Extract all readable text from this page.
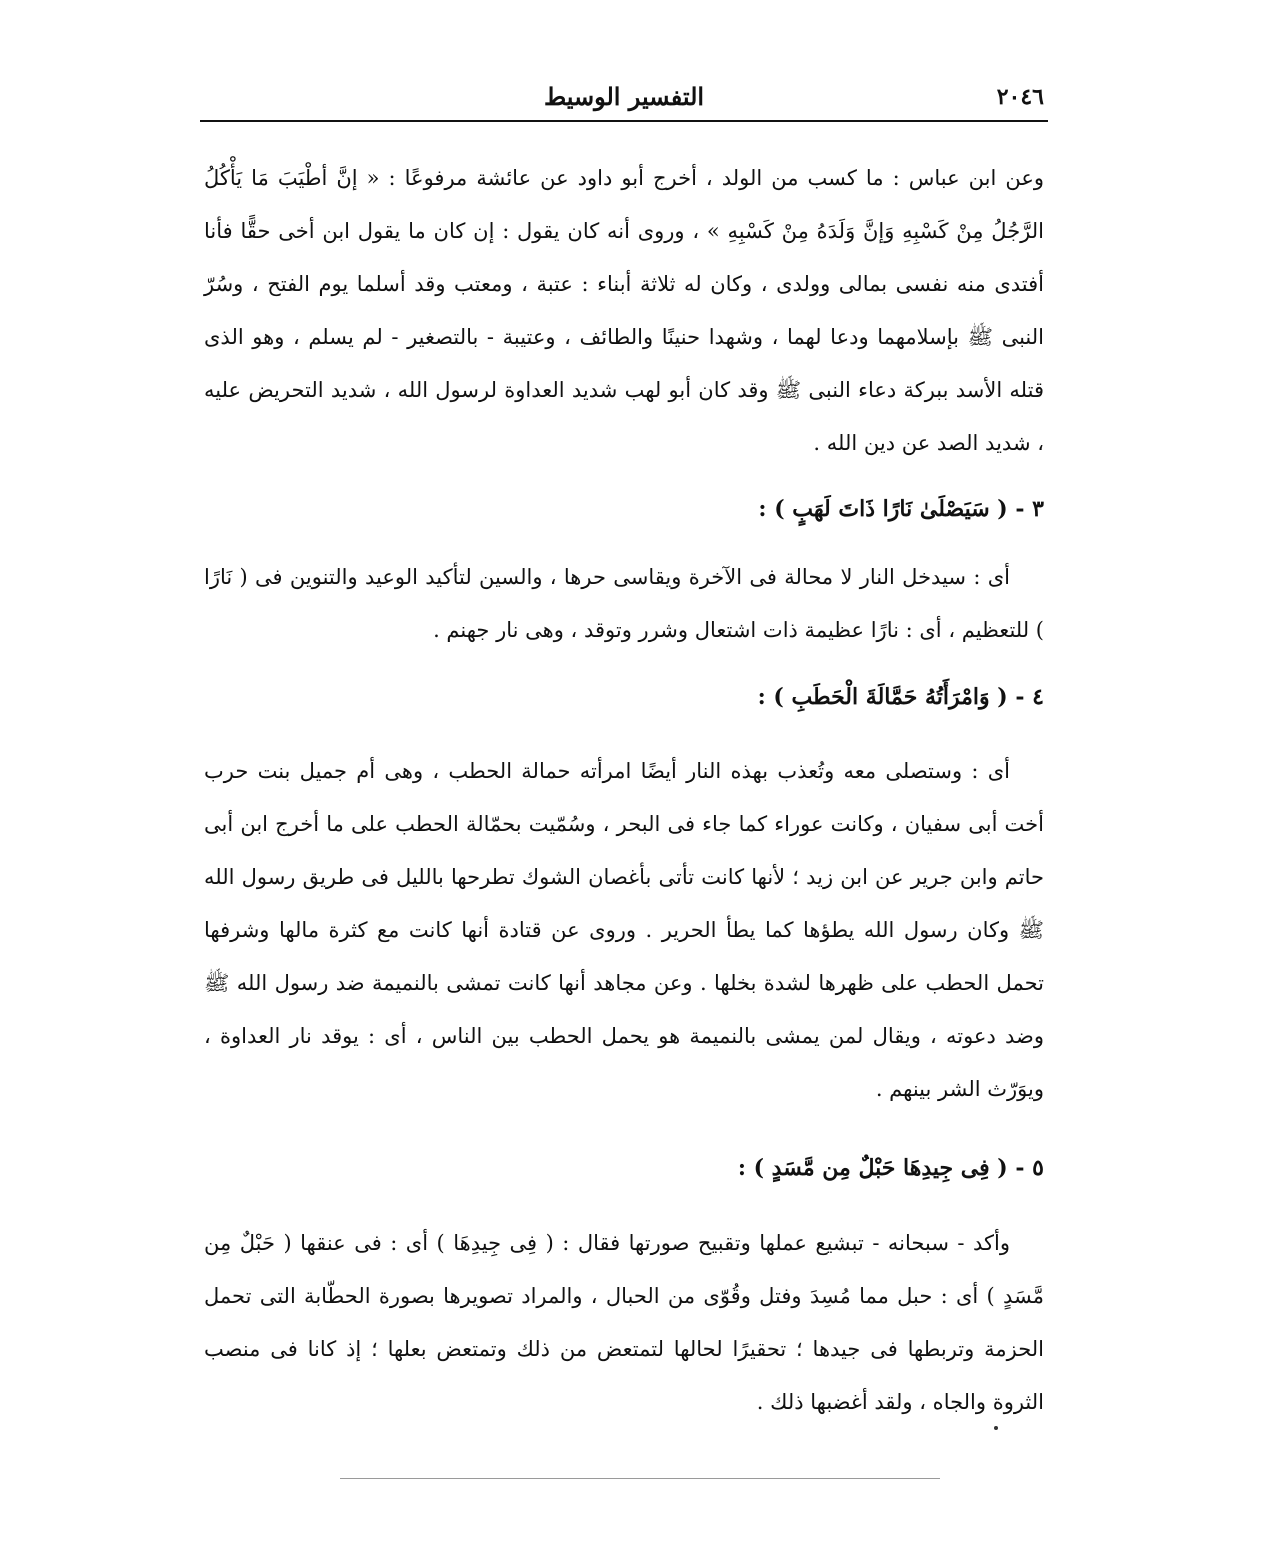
٢٠٤٦
التفسير الوسيط

وعن ابن عباس : ما كسب من الولد ، أخرج أبو داود عن عائشة مرفوعًا : « إنَّ أطْيَبَ مَا يَأْكُلُ الرَّجُلُ مِنْ كَسْبِهِ وَإنَّ وَلَدَهُ مِنْ كَسْبِهِ » ، وروى أنه كان يقول : إن كان ما يقول ابن أخى حقًّا فأنا أفتدى منه نفسى بمالى وولدى ، وكان له ثلاثة أبناء : عتبة ، ومعتب وقد أسلما يوم الفتح ، وسُرّ النبى ﷺ بإسلامهما ودعا لهما ، وشهدا حنينًا والطائف ، وعتيبة - بالتصغير - لم يسلم ، وهو الذى قتله الأسد ببركة دعاء النبى ﷺ وقد كان أبو لهب شديد العداوة لرسول الله ، شديد التحريض عليه ، شديد الصد عن دين الله .

٣ - ( سَيَصْلَىٰ نَارًا ذَاتَ لَهَبٍ ) :

أى : سيدخل النار لا محالة فى الآخرة ويقاسى حرها ، والسين لتأكيد الوعيد والتنوين فى ( نَارًا ) للتعظيم ، أى : نارًا عظيمة ذات اشتعال وشرر وتوقد ، وهى نار جهنم .

٤ - ( وَامْرَأَتُهُ حَمَّالَةَ الْحَطَبِ ) :

أى : وستصلى معه وتُعذب بهذه النار أيضًا امرأته حمالة الحطب ، وهى أم جميل بنت حرب أخت أبى سفيان ، وكانت عوراء كما جاء فى البحر ، وسُمّيت بحمّالة الحطب على ما أخرج ابن أبى حاتم وابن جرير عن ابن زيد ؛ لأنها كانت تأتى بأغصان الشوك تطرحها بالليل فى طريق رسول الله ﷺ وكان رسول الله يطؤها كما يطأ الحرير . وروى عن قتادة أنها كانت مع كثرة مالها وشرفها تحمل الحطب على ظهرها لشدة بخلها . وعن مجاهد أنها كانت تمشى بالنميمة ضد رسول الله ﷺ وضد دعوته ، ويقال لمن يمشى بالنميمة هو يحمل الحطب بين الناس ، أى : يوقد نار العداوة ، ويوَرّث الشر بينهم .

٥ - ( فِى جِيدِهَا حَبْلٌ مِن مَّسَدٍ ) :

وأكد - سبحانه - تبشيع عملها وتقبيح صورتها فقال : ( فِى جِيدِهَا ) أى : فى عنقها ( حَبْلٌ مِن مَّسَدٍ ) أى : حبل مما مُسِدَ وفتل وقُوّى من الحبال ، والمراد تصويرها بصورة الحطّابة التى تحمل الحزمة وتربطها فى جيدها ؛ تحقيرًا لحالها لتمتعض من ذلك وتمتعض بعلها ؛ إذ كانا فى منصب الثروة والجاه ، ولقد أغضبها ذلك .
